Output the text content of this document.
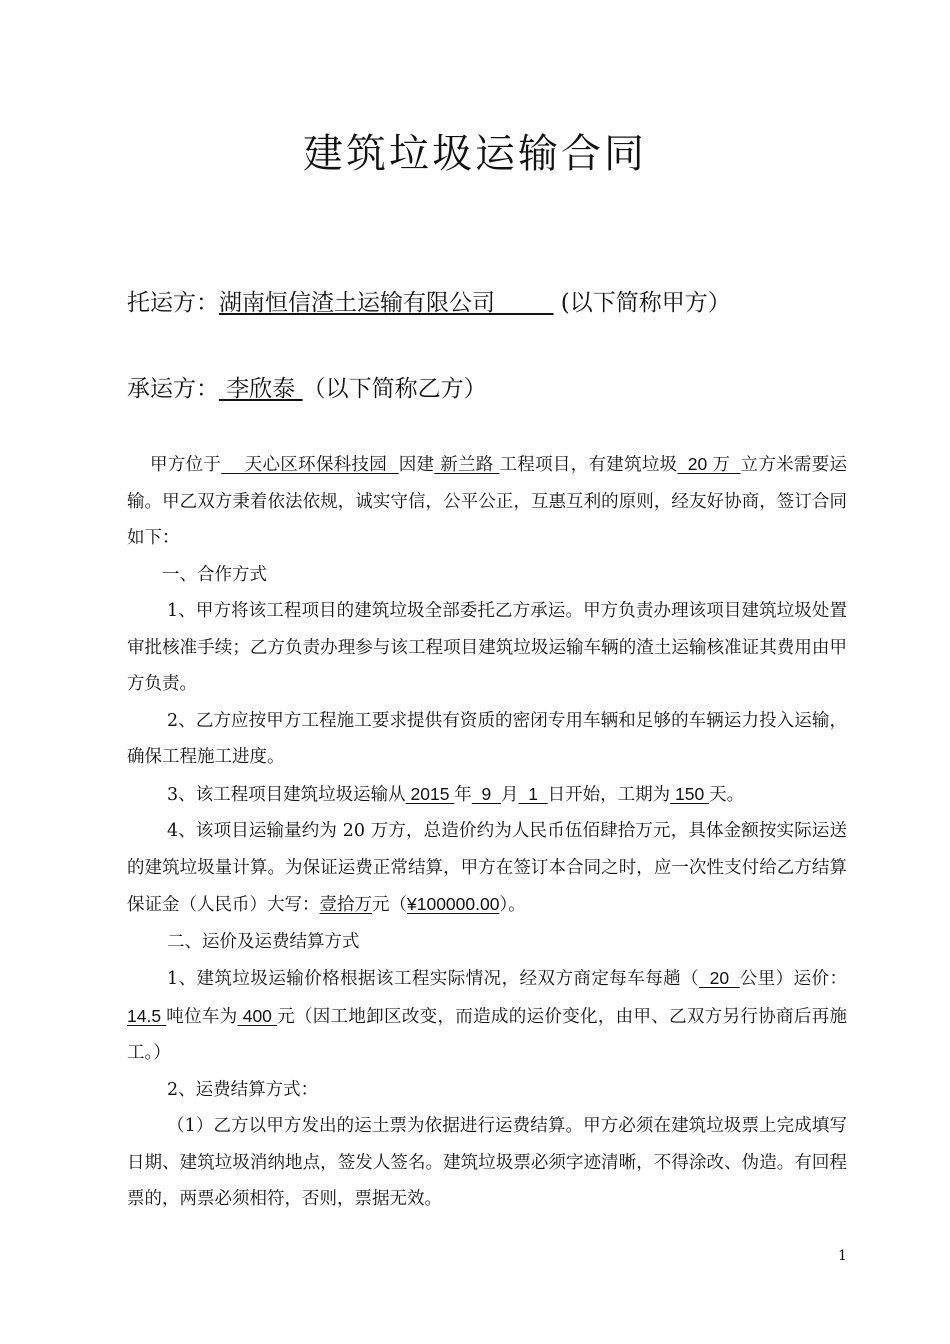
建筑垃圾运输合同
托运方：湖南恒信渣土运输有限公司	(以下简称甲方）
承运方： 李欣泰 （以下简称乙方）

甲方位于    天心区环保科技园  因建 新兰路 工程项目，有建筑垃圾  20 万  立方米需要运输。甲乙双方秉着依法依规，诚实守信，公平公正，互惠互利的原则，经友好协商，签订合同如下：

一、合作方式

1、甲方将该工程项目的建筑垃圾全部委托乙方承运。甲方负责办理该项目建筑垃圾处置审批核准手续；乙方负责办理参与该工程项目建筑垃圾运输车辆的渣土运输核准证其费用由甲方负责。

2、乙方应按甲方工程施工要求提供有资质的密闭专用车辆和足够的车辆运力投入运输，确保工程施工进度。

3、该工程项目建筑垃圾运输从 2015 年  9  月  1  日开始，工期为 150 天。

4、该项目运输量约为 20 万方，总造价约为人民币伍佰肆拾万元，具体金额按实际运送的建筑垃圾量计算。为保证运费正常结算，甲方在签订本合同之时，应一次性支付给乙方结算保证金（人民币）大写：壹拾万元（¥100000.00）。

二、运价及运费结算方式

1、建筑垃圾运输价格根据该工程实际情况，经双方商定每车每趟（  20  公里）运价：14.5 吨位车为 400 元（因工地卸区改变，而造成的运价变化，由甲、乙双方另行协商后再施工。）

2、运费结算方式：

（1）乙方以甲方发出的运土票为依据进行运费结算。甲方必须在建筑垃圾票上完成填写日期、建筑垃圾消纳地点，签发人签名。建筑垃圾票必须字迹清晰，不得涂改、伪造。有回程票的，两票必须相符，否则，票据无效。

1
